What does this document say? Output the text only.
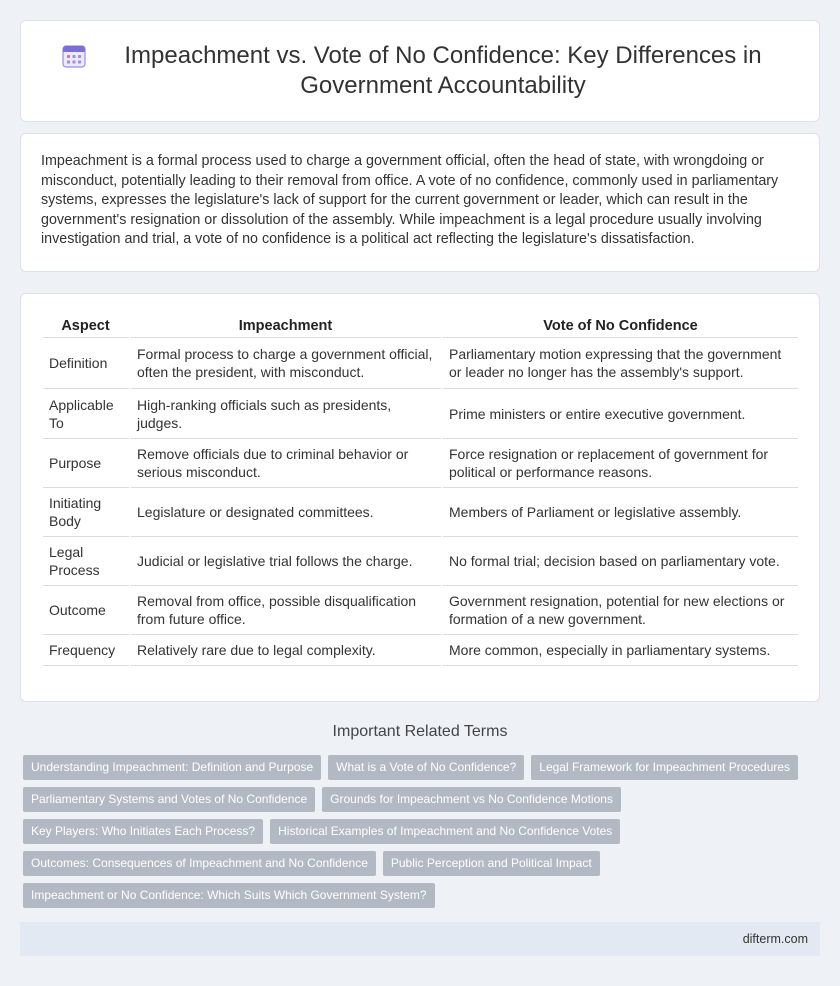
Impeachment vs. Vote of No Confidence: Key Differences in Government Accountability

Impeachment is a formal process used to charge a government official, often the head of state, with wrongdoing or misconduct, potentially leading to their removal from office. A vote of no confidence, commonly used in parliamentary systems, expresses the legislature's lack of support for the current government or leader, which can result in the government's resignation or dissolution of the assembly. While impeachment is a legal procedure usually involving investigation and trial, a vote of no confidence is a political act reflecting the legislature's dissatisfaction.

Aspect	Impeachment	Vote of No Confidence
Definition	Formal process to charge a government official, often the president, with misconduct.	Parliamentary motion expressing that the government or leader no longer has the assembly's support.
Applicable To	High-ranking officials such as presidents, judges.	Prime ministers or entire executive government.
Purpose	Remove officials due to criminal behavior or serious misconduct.	Force resignation or replacement of government for political or performance reasons.
Initiating Body	Legislature or designated committees.	Members of Parliament or legislative assembly.
Legal Process	Judicial or legislative trial follows the charge.	No formal trial; decision based on parliamentary vote.
Outcome	Removal from office, possible disqualification from future office.	Government resignation, potential for new elections or formation of a new government.
Frequency	Relatively rare due to legal complexity.	More common, especially in parliamentary systems.
Important Related Terms
Understanding Impeachment: Definition and Purpose	What is a Vote of No Confidence?	Legal Framework for Impeachment Procedures
Parliamentary Systems and Votes of No Confidence	Grounds for Impeachment vs No Confidence Motions
Key Players: Who Initiates Each Process?	Historical Examples of Impeachment and No Confidence Votes
Outcomes: Consequences of Impeachment and No Confidence	Public Perception and Political Impact
Impeachment or No Confidence: Which Suits Which Government System?
difterm.com
